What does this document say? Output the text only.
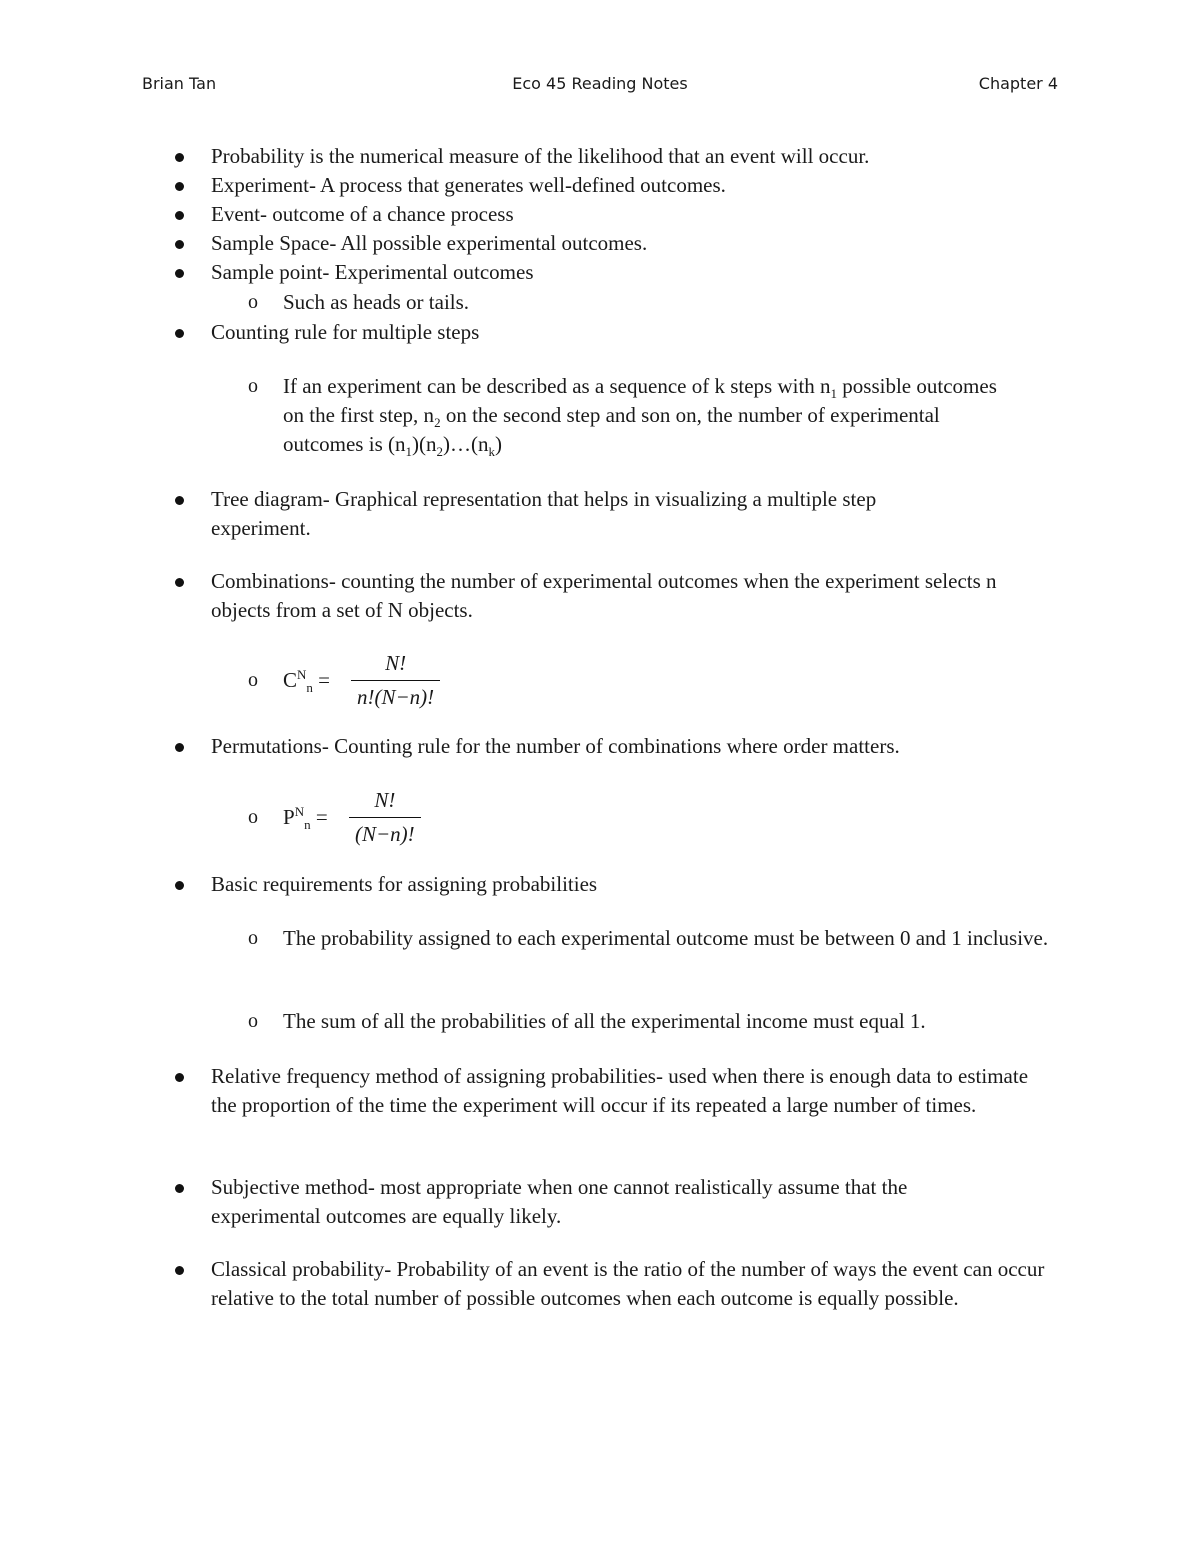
Brian Tan	Eco 45 Reading Notes	Chapter 4
Probability is the numerical measure of the likelihood that an event will occur.
Experiment- A process that generates well-defined outcomes.
Event- outcome of a chance process
Sample Space- All possible experimental outcomes.
Sample point- Experimental outcomes
o Such as heads or tails.
Counting rule for multiple steps
o If an experiment can be described as a sequence of k steps with $n_1$ possible outcomes on the first step, $n_2$ on the second step and son on, the number of experimental outcomes is $(n_1)(n_2)\dots(n_k)$
Tree diagram- Graphical representation that helps in visualizing a multiple step experiment.
Combinations- counting the number of experimental outcomes when the experiment selects n objects from a set of N objects.
o $C^N_n$ =
N!
n!(N−n)!
Permutations- Counting rule for the number of combinations where order matters.
o $P^N_n$ =
N!
(N−n)!
Basic requirements for assigning probabilities
o The probability assigned to each experimental outcome must be between 0 and 1 inclusive.
o The sum of all the probabilities of all the experimental income must equal 1.
Relative frequency method of assigning probabilities- used when there is enough data to estimate the proportion of the time the experiment will occur if its repeated a large number of times.
Subjective method- most appropriate when one cannot realistically assume that the experimental outcomes are equally likely.
Classical probability- Probability of an event is the ratio of the number of ways the event can occur relative to the total number of possible outcomes when each outcome is equally possible.
